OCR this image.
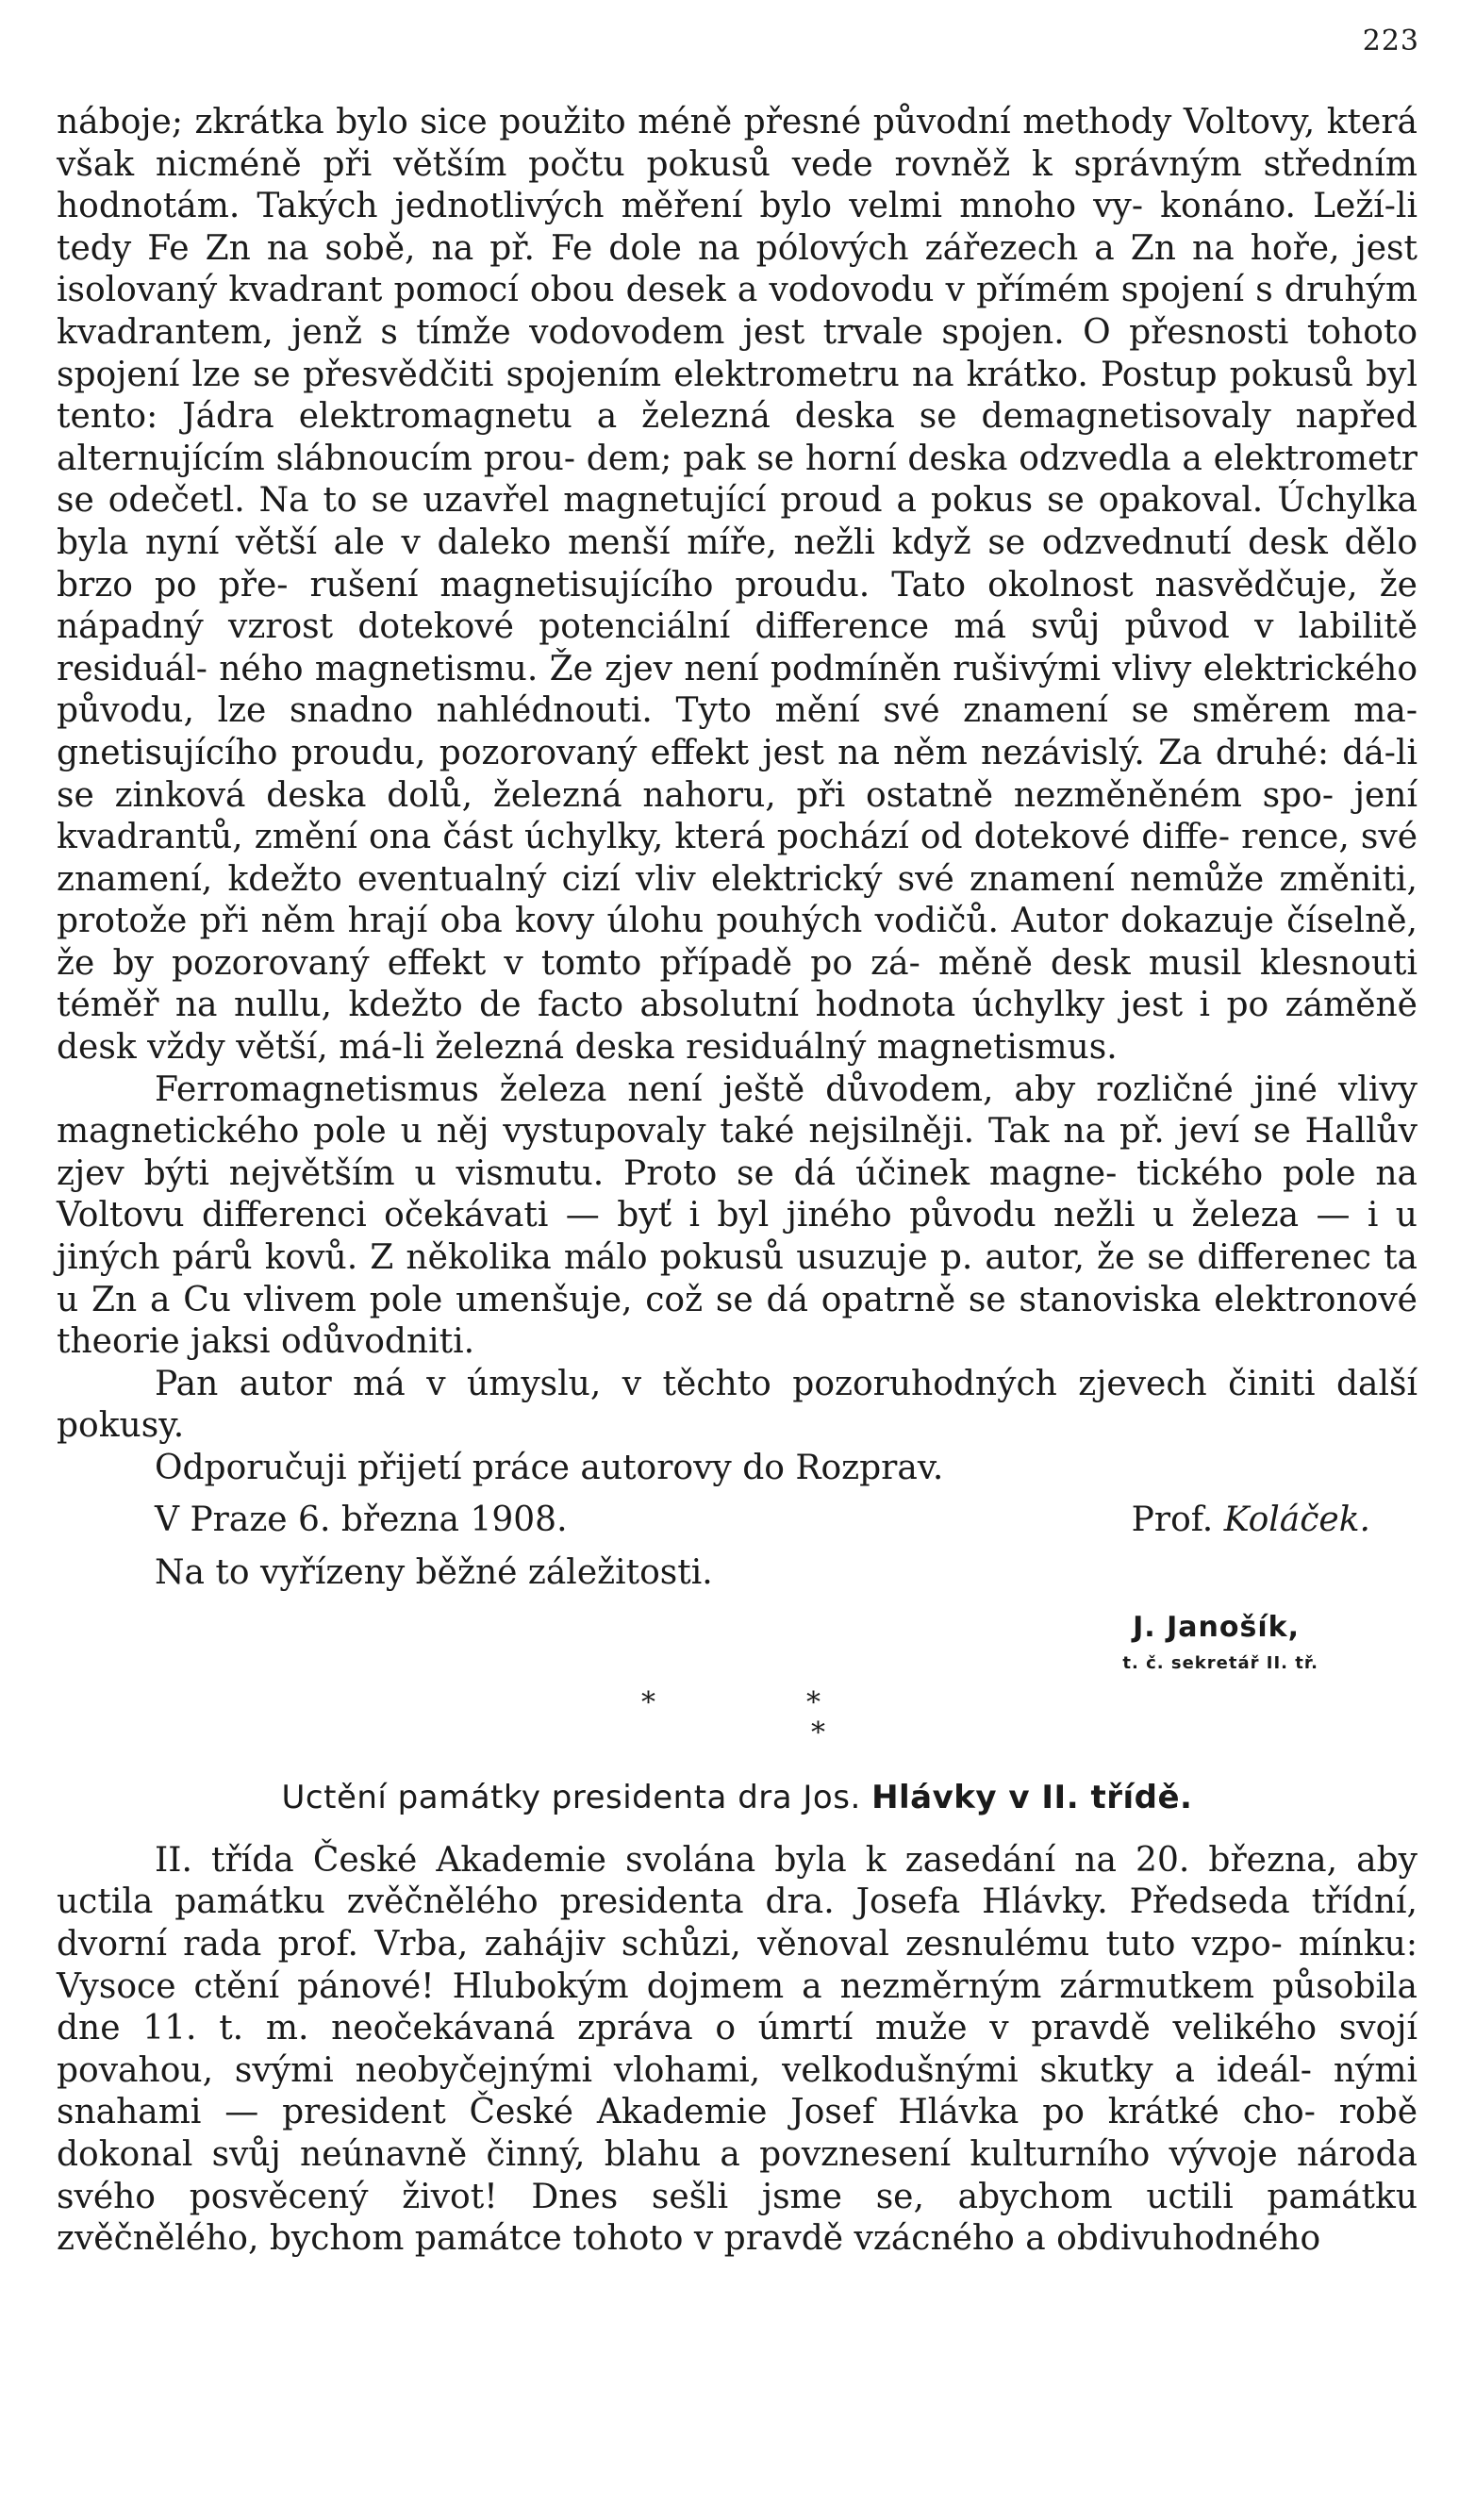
223

náboje; zkrátka bylo sice použito méně přesné původní methody Voltovy, která však nicméně při větším počtu pokusů vede rovněž k správným středním hodnotám. Takých jednotlivých měření bylo velmi mnoho vy- konáno. Leží-li tedy Fe Zn na sobě, na př. Fe dole na pólových zářezech a Zn na hoře, jest isolovaný kvadrant pomocí obou desek a vodovodu v přímém spojení s druhým kvadrantem, jenž s tímže vodovodem jest trvale spojen. O přesnosti tohoto spojení lze se přesvědčiti spojením elektrometru na krátko. Postup pokusů byl tento: Jádra elektromagnetu a železná deska se demagnetisovaly napřed alternujícím slábnoucím prou- dem; pak se horní deska odzvedla a elektrometr se odečetl. Na to se uzavřel magnetující proud a pokus se opakoval. Úchylka byla nyní větší ale v daleko menší míře, nežli když se odzvednutí desk dělo brzo po pře- rušení magnetisujícího proudu. Tato okolnost nasvědčuje, že nápadný vzrost dotekové potenciální difference má svůj původ v labilitě residuál- ného magnetismu. Že zjev není podmíněn rušivými vlivy elektrického původu, lze snadno nahlédnouti. Tyto mění své znamení se směrem ma- gnetisujícího proudu, pozorovaný effekt jest na něm nezávislý. Za druhé: dá-li se zinková deska dolů, železná nahoru, při ostatně nezměněném spo- jení kvadrantů, změní ona část úchylky, která pochází od dotekové diffe- rence, své znamení, kdežto eventualný cizí vliv elektrický své znamení nemůže změniti, protože při něm hrají oba kovy úlohu pouhých vodičů. Autor dokazuje číselně, že by pozorovaný effekt v tomto případě po zá- měně desk musil klesnouti téměř na nullu, kdežto de facto absolutní hodnota úchylky jest i po záměně desk vždy větší, má-li železná deska residuálný magnetismus.

Ferromagnetismus železa není ještě důvodem, aby rozličné jiné vlivy magnetického pole u něj vystupovaly také nejsilněji. Tak na př. jeví se Hallův zjev býti největším u vismutu. Proto se dá účinek magne- tického pole na Voltovu differenci očekávati — byť i byl jiného původu nežli u železa — i u jiných párů kovů. Z několika málo pokusů usuzuje p. autor, že se differenec ta u Zn a Cu vlivem pole umenšuje, což se dá opatrně se stanoviska elektronové theorie jaksi odůvodniti.

Pan autor má v úmyslu, v těchto pozoruhodných zjevech činiti další pokusy.

Odporučuji přijetí práce autorovy do Rozprav.

V Praze 6. března 1908.	Prof. Koláček.
Na to vyřízeny běžné záležitosti.
J. Janošík,
t. č. sekretář II. tř.
*	*
*
Uctění památky presidenta dra Jos. Hlávky v II. třídě.

II. třída České Akademie svolána byla k zasedání na 20. března, aby uctila památku zvěčnělého presidenta dra. Josefa Hlávky. Předseda třídní, dvorní rada prof. Vrba, zahájiv schůzi, věnoval zesnulému tuto vzpo- mínku: Vysoce ctění pánové! Hlubokým dojmem a nezměrným zármutkem působila dne 11. t. m. neočekávaná zpráva o úmrtí muže v pravdě velikého svojí povahou, svými neobyčejnými vlohami, velkodušnými skutky a ideál- nými snahami — president České Akademie Josef Hlávka po krátké cho- robě dokonal svůj neúnavně činný, blahu a povznesení kulturního vývoje národa svého posvěcený život! Dnes sešli jsme se, abychom uctili památku zvěčnělého, bychom památce tohoto v pravdě vzácného a obdivuhodného
